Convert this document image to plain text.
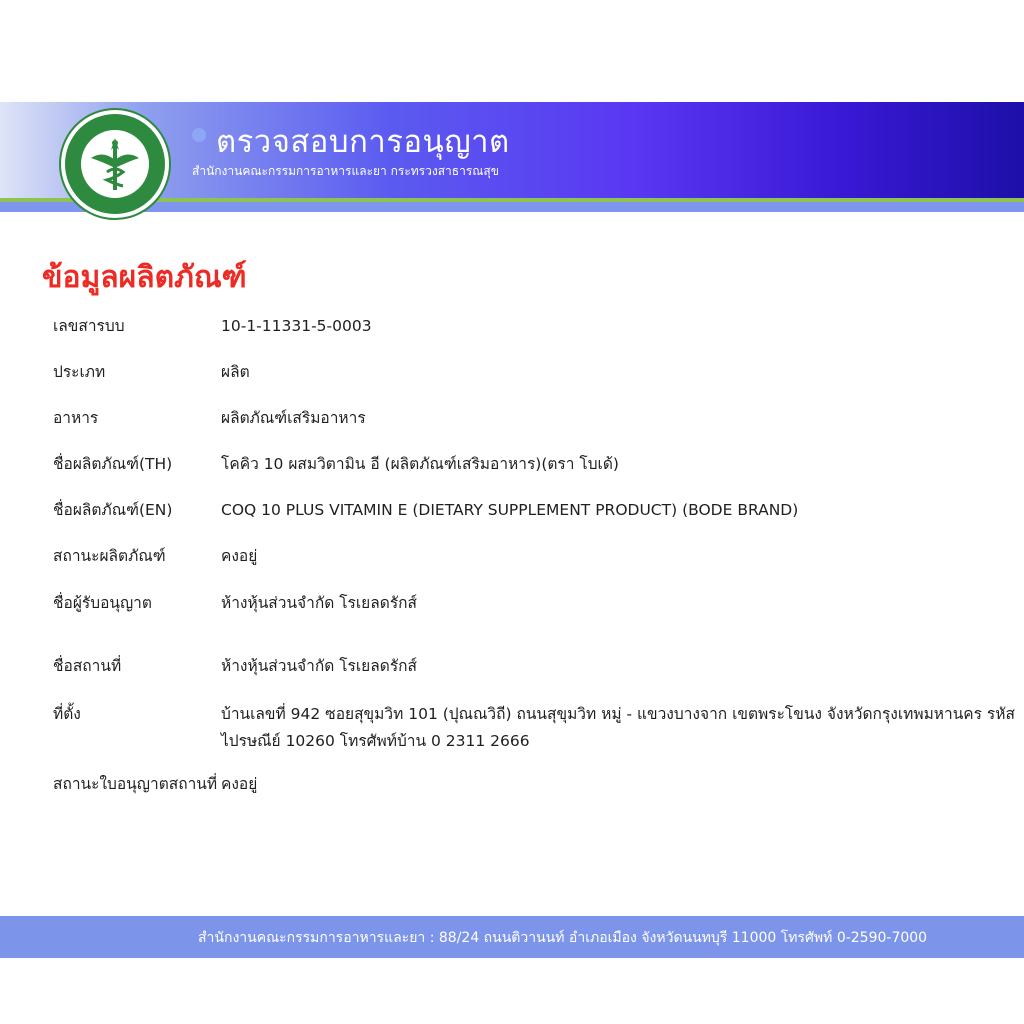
ตรวจสอบการอนุญาต
สำนักงานคณะกรรมการอาหารและยา กระทรวงสาธารณสุข
ข้อมูลผลิตภัณฑ์
เลขสารบบ	10-1-11331-5-0003
ประเภท	ผลิต
อาหาร	ผลิตภัณฑ์เสริมอาหาร
ชื่อผลิตภัณฑ์(TH)	โคคิว 10 ผสมวิตามิน อี (ผลิตภัณฑ์เสริมอาหาร)(ตรา โบเด้)
ชื่อผลิตภัณฑ์(EN)	COQ 10 PLUS VITAMIN E (DIETARY SUPPLEMENT PRODUCT) (BODE BRAND)
สถานะผลิตภัณฑ์	คงอยู่
ชื่อผู้รับอนุญาต	ห้างหุ้นส่วนจำกัด โรเยลดรักส์
ชื่อสถานที่	ห้างหุ้นส่วนจำกัด โรเยลดรักส์
ที่ตั้ง	บ้านเลขที่ 942 ซอยสุขุมวิท 101 (ปุณณวิถี) ถนนสุขุมวิท หมู่ - แขวงบางจาก เขตพระโขนง จังหวัดกรุงเทพมหานคร รหัสไปรษณีย์ 10260 โทรศัพท์บ้าน 0 2311 2666
สถานะใบอนุญาตสถานที่ คงอยู่
สำนักงานคณะกรรมการอาหารและยา : 88/24 ถนนติวานนท์ อำเภอเมือง จังหวัดนนทบุรี 11000 โทรศัพท์ 0-2590-7000
